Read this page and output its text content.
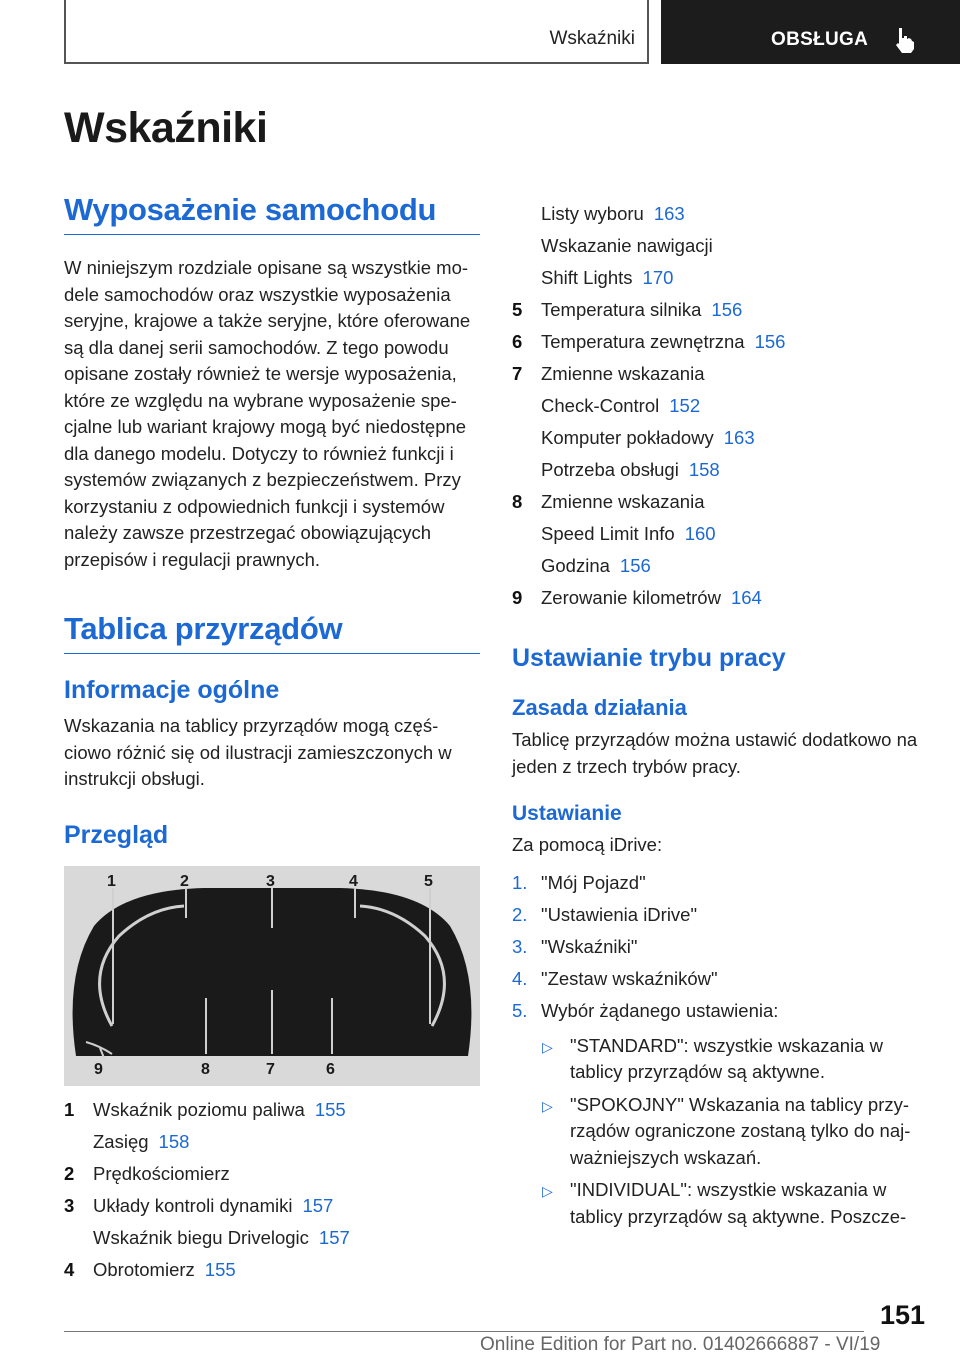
Wskaźniki	OBSŁUGA
Wskaźniki
Wyposażenie samochodu
W niniejszym rozdziale opisane są wszystkie mo-dele samochodów oraz wszystkie wyposażenia seryjne, krajowe a także seryjne, które oferowane są dla danej serii samochodów. Z tego powodu opisane zostały również te wersje wyposażenia, które ze względu na wybrane wyposażenie spe-cjalne lub wariant krajowy mogą być niedostępne dla danego modelu. Dotyczy to również funkcji i systemów związanych z bezpieczeństwem. Przy korzystaniu z odpowiednich funkcji i systemów należy zawsze przestrzegać obowiązujących przepisów i regulacji prawnych.
Tablica przyrządów
Informacje ogólne
Wskazania na tablicy przyrządów mogą częś-ciowo różnić się od ilustracji zamieszczonych w instrukcji obsługi.
Przegląd
1	2	3	4	5
9	8	7	6
1 Wskaźnik poziomu paliwa 155
Zasięg 158
2 Prędkościomierz
3 Układy kontroli dynamiki 157
Wskaźnik biegu Drivelogic 157
4 Obrotomierz 155
Listy wyboru 163
Wskazanie nawigacji
Shift Lights 170
5 Temperatura silnika 156
6 Temperatura zewnętrzna 156
7 Zmienne wskazania
Check-Control 152
Komputer pokładowy 163
Potrzeba obsługi 158
8 Zmienne wskazania
Speed Limit Info 160
Godzina 156
9 Zerowanie kilometrów 164
Ustawianie trybu pracy
Zasada działania
Tablicę przyrządów można ustawić dodatkowo na jeden z trzech trybów pracy.
Ustawianie
Za pomocą iDrive:
1. "Mój Pojazd"
2. "Ustawienia iDrive"
3. "Wskaźniki"
4. "Zestaw wskaźników"
5. Wybór żądanego ustawienia:
▷ "STANDARD": wszystkie wskazania w tablicy przyrządów są aktywne.
▷ "SPOKOJNY" Wskazania na tablicy przy-rządów ograniczone zostaną tylko do naj-ważniejszych wskazań.
▷ "INDIVIDUAL": wszystkie wskazania w tablicy przyrządów są aktywne. Poszcze-
151
Online Edition for Part no. 01402666887 - VI/19
